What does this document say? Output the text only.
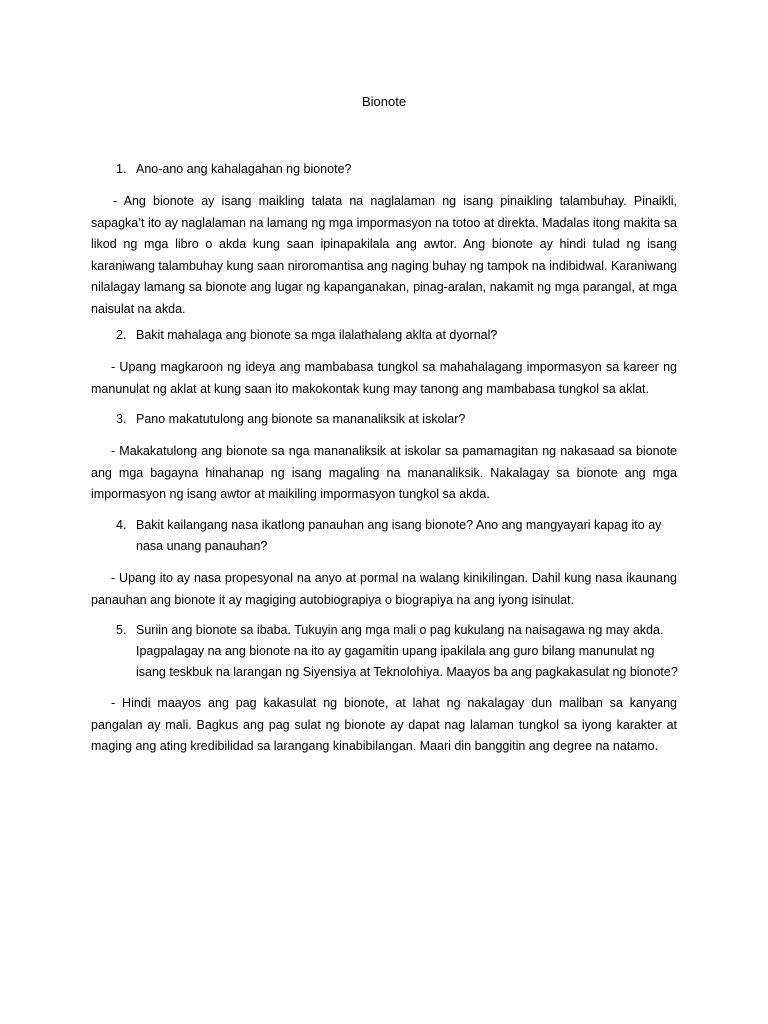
Bionote
1. Ano-ano ang kahalagahan ng bionote?
- Ang bionote ay isang maikling talata na naglalaman ng isang pinaikling talambuhay. Pinaikli, sapagka’t ito ay naglalaman na lamang ng mga impormasyon na totoo at direkta. Madalas itong makita sa likod ng mga libro o akda kung saan ipinapakilala ang awtor. Ang bionote ay hindi tulad ng isang karaniwang talambuhay kung saan niroromantisa ang naging buhay ng tampok na indibidwal. Karaniwang nilalagay lamang sa bionote ang lugar ng kapanganakan, pinag-aralan, nakamit ng mga parangal, at mga naisulat na akda.
2. Bakit mahalaga ang bionote sa mga ilalathalang aklta at dyornal?
- Upang magkaroon ng ideya ang mambabasa tungkol sa mahahalagang impormasyon sa kareer ng manunulat ng aklat at kung saan ito makokontak kung may tanong ang mambabasa tungkol sa aklat.
3. Pano makatutulong ang bionote sa mananaliksik at iskolar?
- Makakatulong ang bionote sa nga mananaliksik at iskolar sa pamamagitan ng nakasaad sa bionote ang mga bagayna hinahanap ng isang magaling na mananaliksik. Nakalagay sa bionote ang mga impormasyon ng isang awtor at maikiling impormasyon tungkol sa akda.
4. Bakit kailangang nasa ikatlong panauhan ang isang bionote? Ano ang mangyayari kapag ito ay nasa unang panauhan?
- Upang ito ay nasa propesyonal na anyo at pormal na walang kinikilingan. Dahil kung nasa ikaunang panauhan ang bionote it ay magiging autobiograpiya o biograpiya na ang iyong isinulat.
5. Suriin ang bionote sa ibaba. Tukuyin ang mga mali o pag kukulang na naisagawa ng may akda. Ipagpalagay na ang bionote na ito ay gagamitin upang ipakilala ang guro bilang manunulat ng isang teskbuk na larangan ng Siyensiya at Teknolohiya. Maayos ba ang pagkakasulat ng bionote?
- Hindi maayos ang pag kakasulat ng bionote, at lahat ng nakalagay dun maliban sa kanyang pangalan ay mali. Bagkus ang pag sulat ng bionote ay dapat nag lalaman tungkol sa iyong karakter at maging ang ating kredibilidad sa larangang kinabibilangan. Maari din banggitin ang degree na natamo.
